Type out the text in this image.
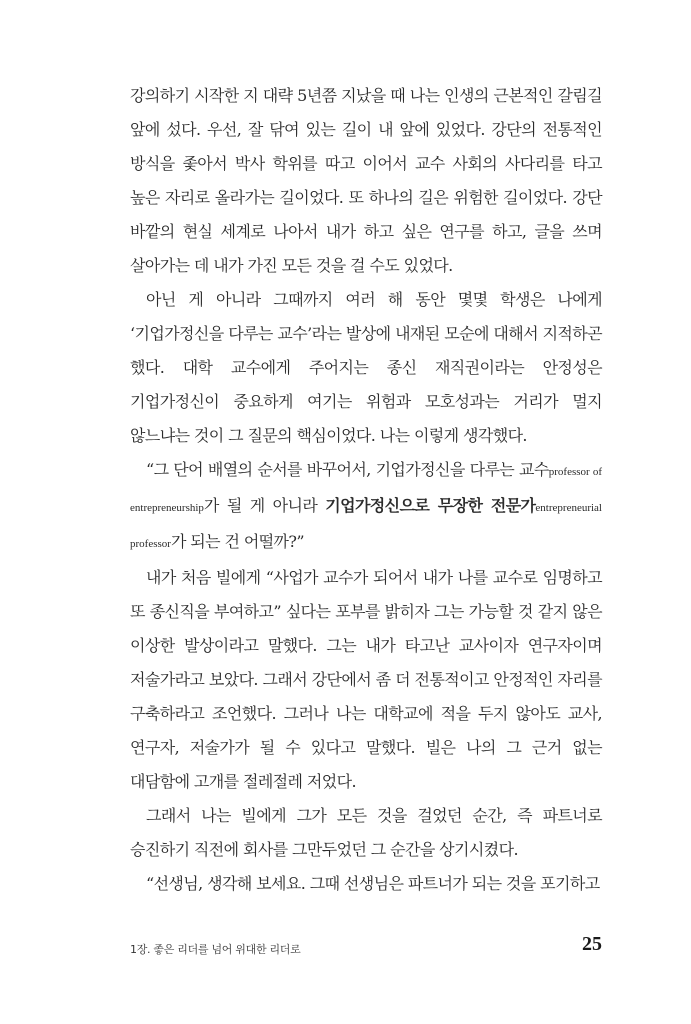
강의하기 시작한 지 대략 5년쯤 지났을 때 나는 인생의 근본적인 갈림길 앞에 섰다. 우선, 잘 닦여 있는 길이 내 앞에 있었다. 강단의 전통적인 방식을 좇아서 박사 학위를 따고 이어서 교수 사회의 사다리를 타고 높은 자리로 올라가는 길이었다. 또 하나의 길은 위험한 길이었다. 강단 바깥의 현실 세계로 나아서 내가 하고 싶은 연구를 하고, 글을 쓰며 살아가는 데 내가 가진 모든 것을 걸 수도 있었다.

아닌 게 아니라 그때까지 여러 해 동안 몇몇 학생은 나에게 ‘기업가정신을 다루는 교수’라는 발상에 내재된 모순에 대해서 지적하곤 했다. 대학 교수에게 주어지는 종신 재직권이라는 안정성은 기업가정신이 중요하게 여기는 위험과 모호성과는 거리가 멀지 않느냐는 것이 그 질문의 핵심이었다. 나는 이렇게 생각했다.

“그 단어 배열의 순서를 바꾸어서, 기업가정신을 다루는 교수professor of entrepreneurship가 될 게 아니라 기업가정신으로 무장한 전문가entrepreneurial professor가 되는 건 어떨까?”

내가 처음 빌에게 “사업가 교수가 되어서 내가 나를 교수로 임명하고 또 종신직을 부여하고” 싶다는 포부를 밝히자 그는 가능할 것 같지 않은 이상한 발상이라고 말했다. 그는 내가 타고난 교사이자 연구자이며 저술가라고 보았다. 그래서 강단에서 좀 더 전통적이고 안정적인 자리를 구축하라고 조언했다. 그러나 나는 대학교에 적을 두지 않아도 교사, 연구자, 저술가가 될 수 있다고 말했다. 빌은 나의 그 근거 없는 대담함에 고개를 절레절레 저었다.

그래서 나는 빌에게 그가 모든 것을 걸었던 순간, 즉 파트너로 승진하기 직전에 회사를 그만두었던 그 순간을 상기시켰다.

“선생님, 생각해 보세요. 그때 선생님은 파트너가 되는 것을 포기하고

1장. 좋은 리더를 넘어 위대한 리더로	25
